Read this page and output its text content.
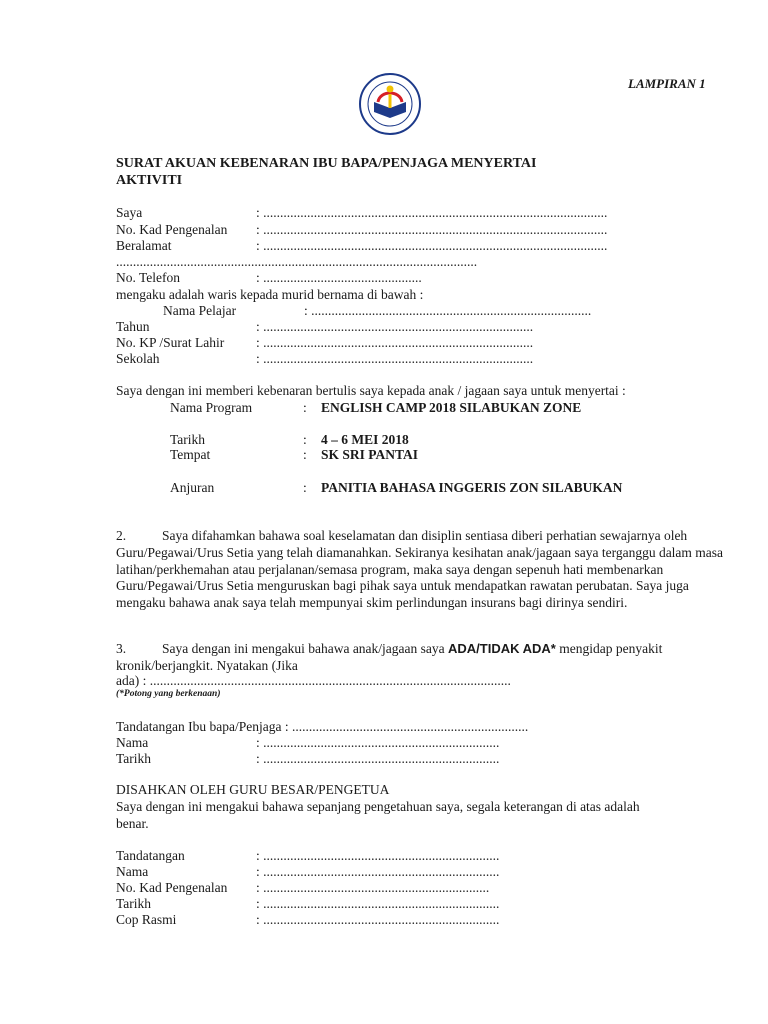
LAMPIRAN 1
SURAT AKUAN KEBENARAN IBU BAPA/PENJAGA MENYERTAI
AKTIVITI
Saya	: ......................................................................................................
No. Kad Pengenalan : ......................................................................................................
Beralamat	: ......................................................................................................
...........................................................................................................
No. Telefon	: ...............................................
mengaku adalah waris kepada murid bernama di bawah :
Nama Pelajar	: ...................................................................................
Tahun	: ................................................................................
No. KP /Surat Lahir : ................................................................................
Sekolah	: ................................................................................
Saya dengan ini memberi kebenaran bertulis saya kepada anak / jagaan saya untuk menyertai :
Nama Program	: ENGLISH CAMP 2018 SILABUKAN ZONE
Tarikh	: 4 – 6 MEI 2018
Tempat	: SK SRI PANTAI
Anjuran	: PANITIA BAHASA INGGERIS ZON SILABUKAN
2.	Saya difahamkan bahawa soal keselamatan dan disiplin sentiasa diberi perhatian sewajarnya oleh Guru/Pegawai/Urus Setia yang telah diamanahkan. Sekiranya kesihatan anak/jagaan saya terganggu dalam masa latihan/perkhemahan atau perjalanan/semasa program, maka saya dengan sepenuh hati membenarkan Guru/Pegawai/Urus Setia menguruskan bagi pihak saya untuk mendapatkan rawatan perubatan. Saya juga mengaku bahawa anak saya telah mempunyai skim perlindungan insurans bagi dirinya sendiri.
3.	Saya dengan ini mengakui bahawa anak/jagaan saya ADA/TIDAK ADA* mengidap penyakit kronik/berjangkit. Nyatakan (Jika
ada) : ...........................................................................................................
(*Potong yang berkenaan)
Tandatangan Ibu bapa/Penjaga : ......................................................................
Nama	: ......................................................................
Tarikh	: ......................................................................
DISAHKAN OLEH GURU BESAR/PENGETUA
Saya dengan ini mengakui bahawa sepanjang pengetahuan saya, segala keterangan di atas adalah
benar.
Tandatangan	: ......................................................................
Nama	: ......................................................................
No. Kad Pengenalan : ...................................................................
Tarikh	: ......................................................................
Cop Rasmi	: ......................................................................
